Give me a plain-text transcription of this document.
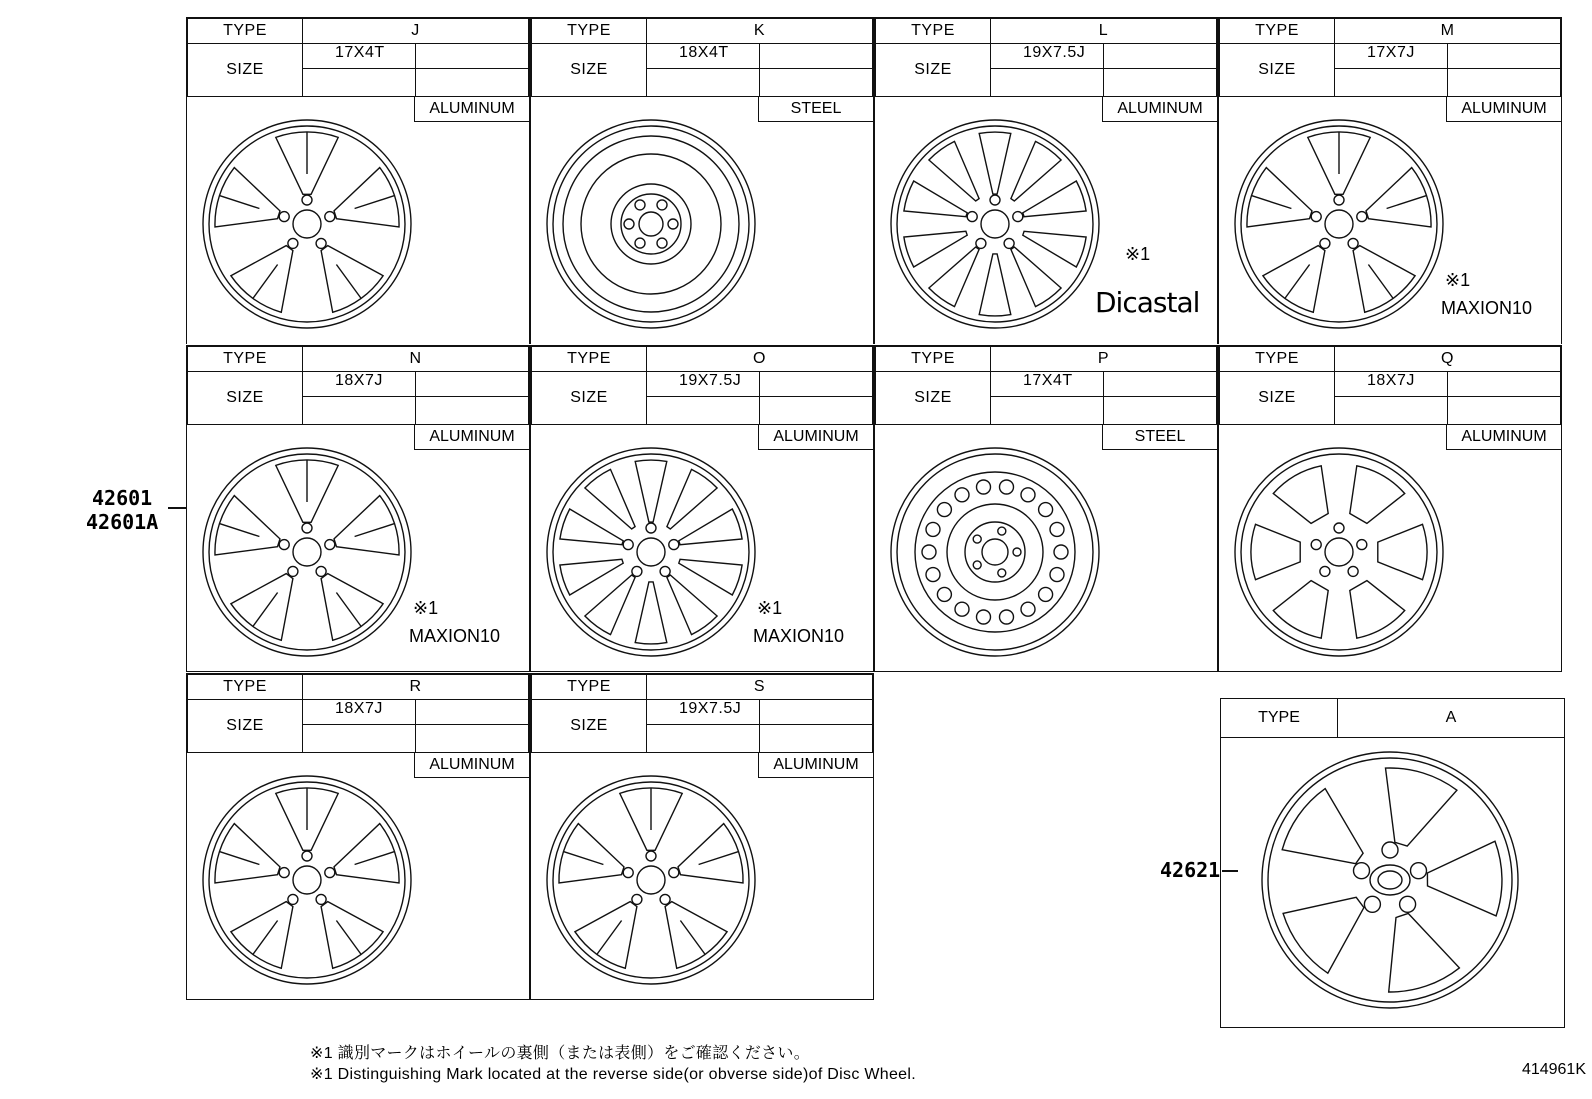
TYPE	J	
SIZE	17X4T	

ALUMINUM
TYPE	K	
SIZE	18X4T	

STEEL
TYPE	L	
SIZE	19X7.5J	

ALUMINUM
※1
Dicastal
TYPE	M	
SIZE	17X7J	

ALUMINUM
※1
MAXION10
TYPE	N	
SIZE	18X7J	

ALUMINUM
※1
MAXION10
TYPE	O	
SIZE	19X7.5J	

ALUMINUM
※1
MAXION10
TYPE	P	
SIZE	17X4T	

STEEL
TYPE	Q	
SIZE	18X7J	

ALUMINUM
TYPE	R	
SIZE	18X7J	

ALUMINUM
TYPE	S	
SIZE	19X7.5J	

ALUMINUM
42601
42601A
TYPE	A
42621
※1 識別マークはホイールの裏側（または表側）をご確認ください。
※1 Distinguishing Mark located at the reverse side(or obverse side)of Disc Wheel.	414961K
